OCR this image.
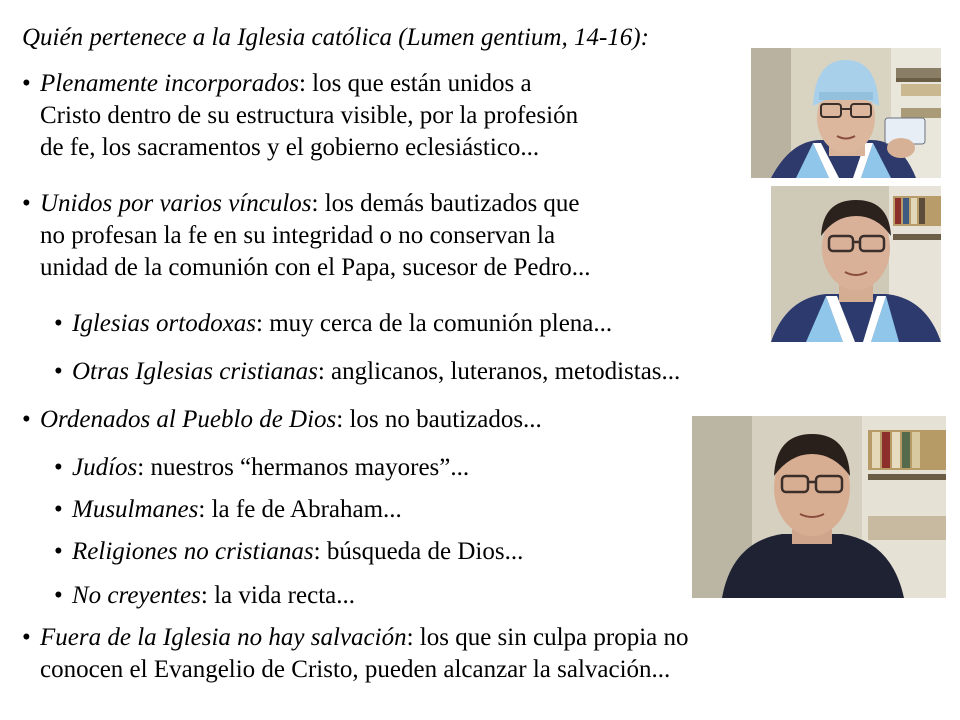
Quién pertenece a la Iglesia católica (Lumen gentium, 14-16):
• Plenamente incorporados: los que están unidos a
Cristo dentro de su estructura visible, por la profesión
de fe, los sacramentos y el gobierno eclesiástico...
• Unidos por varios vínculos: los demás bautizados que
no profesan la fe en su integridad o no conservan la
unidad de la comunión con el Papa, sucesor de Pedro...
• Iglesias ortodoxas: muy cerca de la comunión plena...
• Otras Iglesias cristianas: anglicanos, luteranos, metodistas...
• Ordenados al Pueblo de Dios: los no bautizados...
• Judíos: nuestros “hermanos mayores”...
• Musulmanes: la fe de Abraham...
• Religiones no cristianas: búsqueda de Dios...
• No creyentes: la vida recta...
• Fuera de la Iglesia no hay salvación: los que sin culpa propia no
conocen el Evangelio de Cristo, pueden alcanzar la salvación...
